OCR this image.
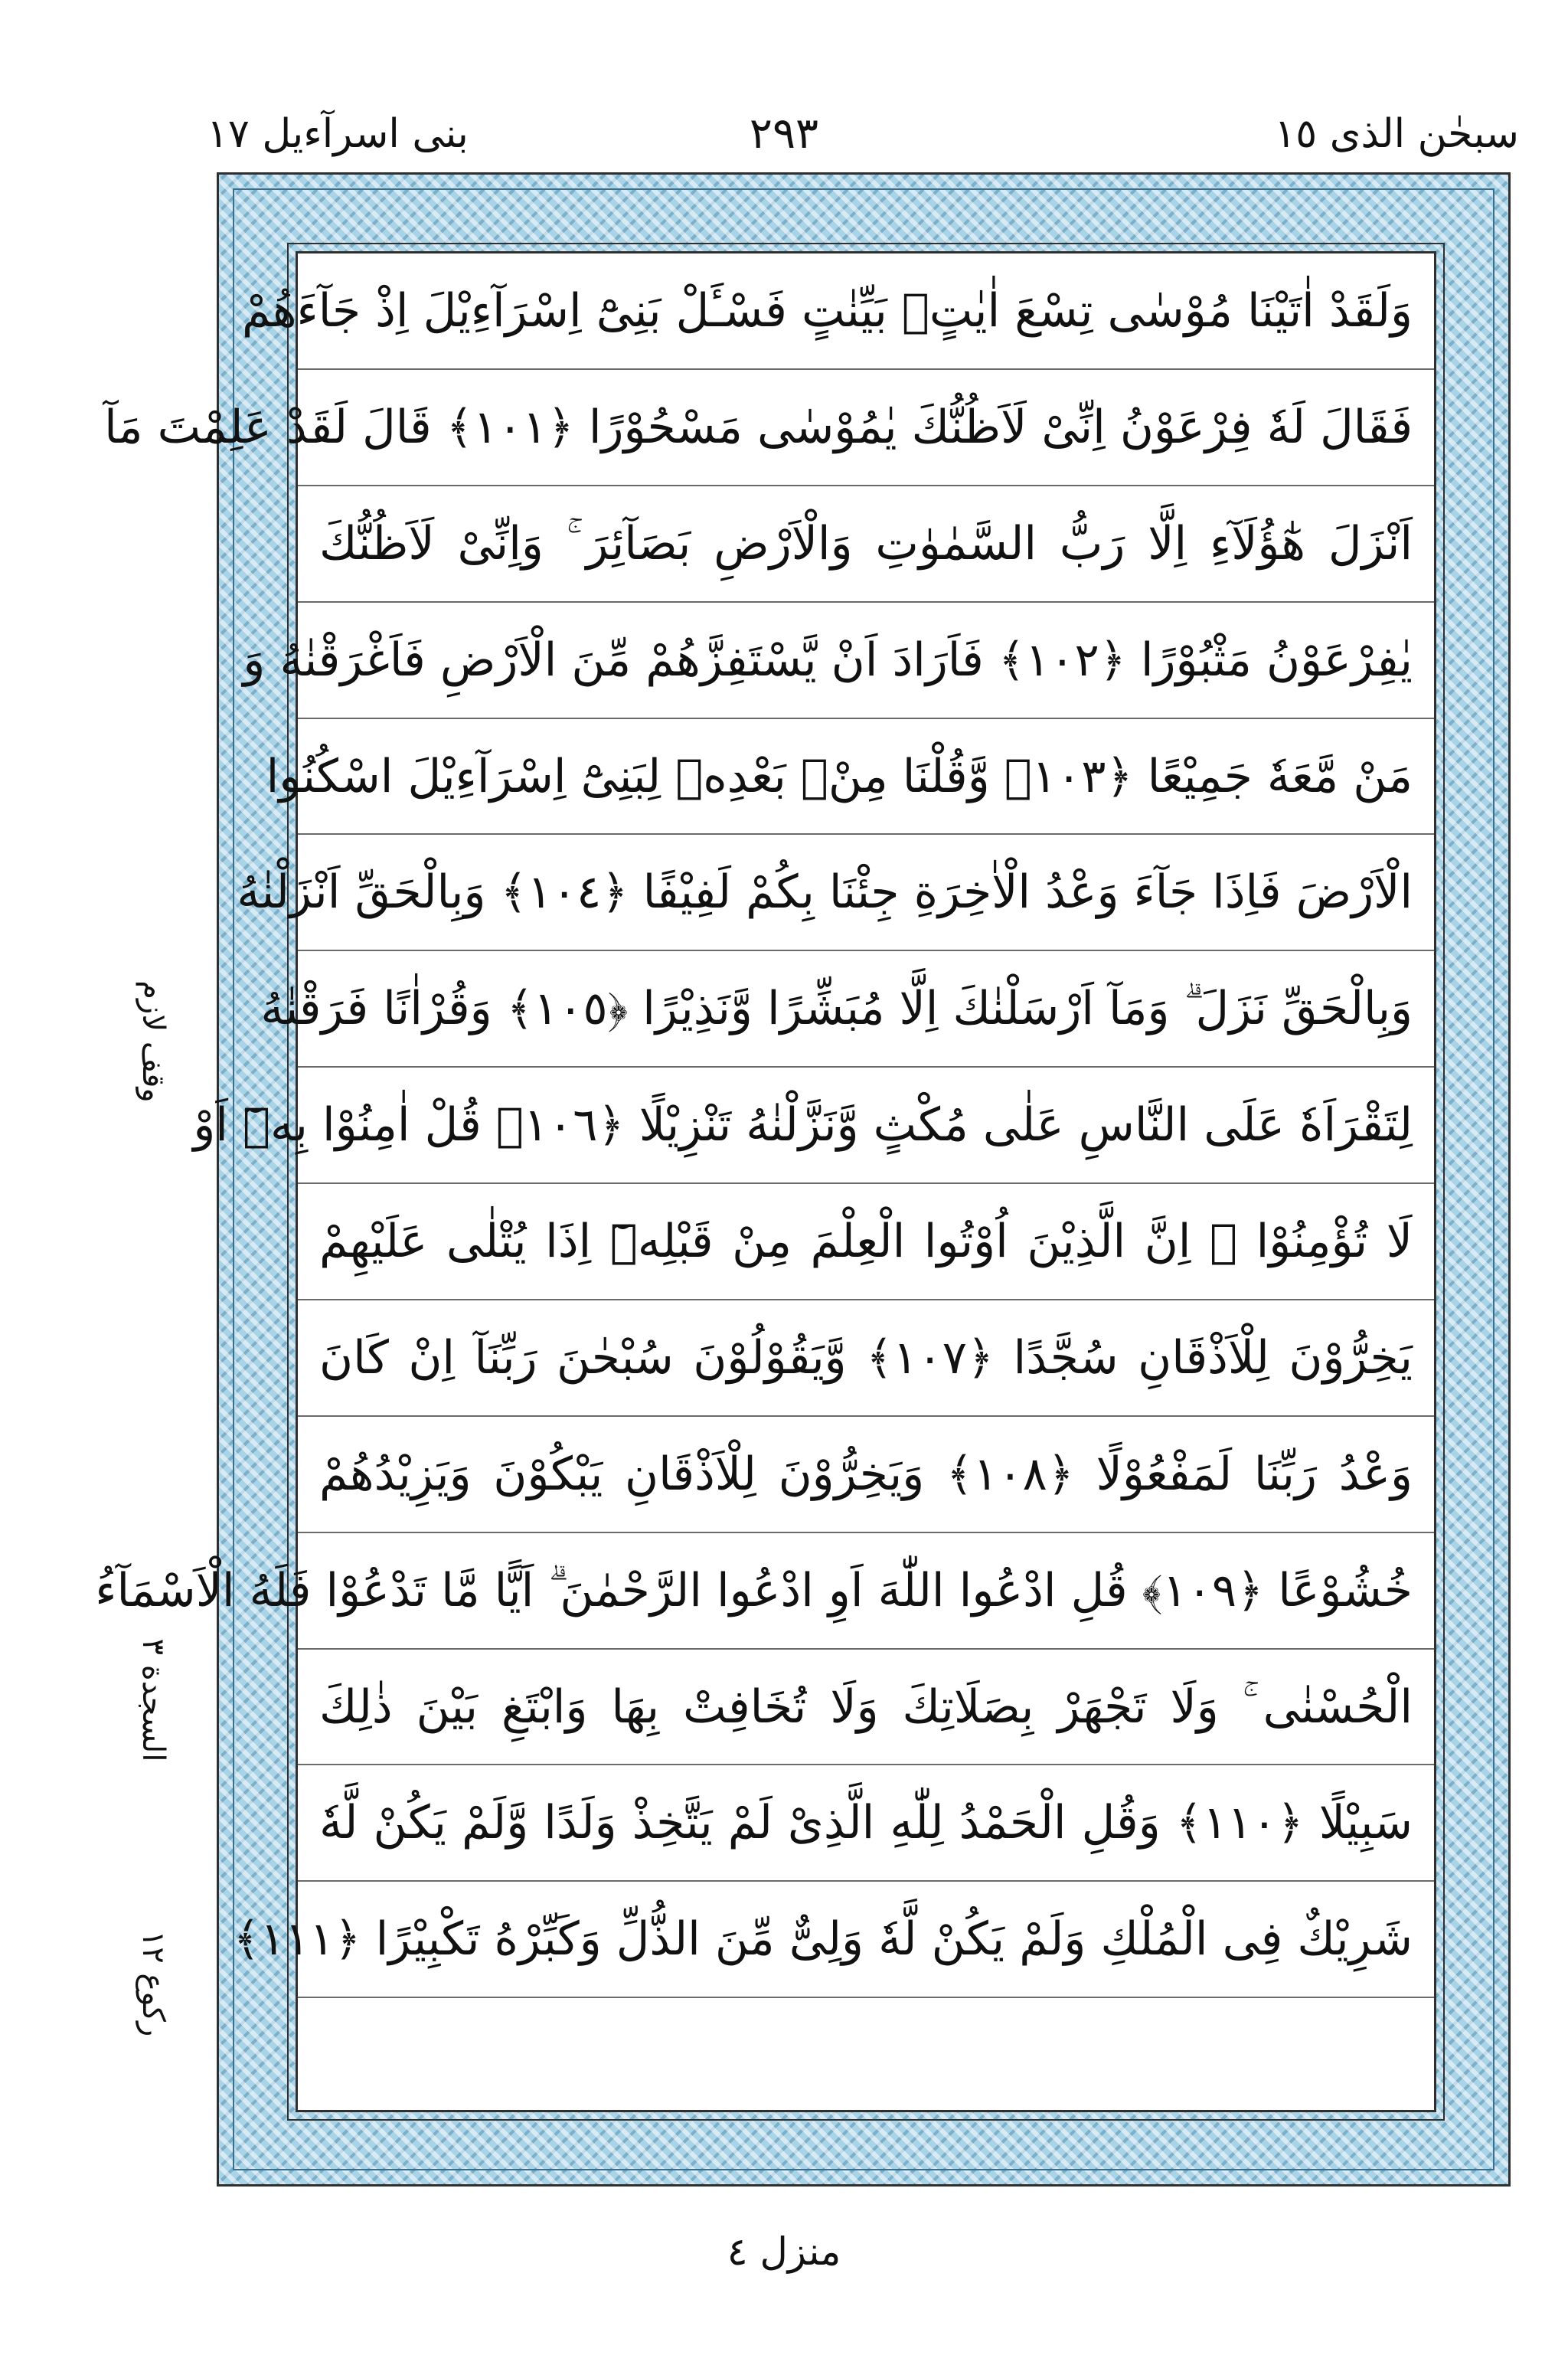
سبحٰن الذی ١٥
٢٩٣
بنی اسرآءیل ١٧
وقف لازم
السجدة ٣
ركوع ١٢
وَلَقَدْ اٰتَيْنَا مُوْسٰى تِسْعَ اٰيٰتٍۢ بَيِّنٰتٍ فَسْـَٔلْ بَنِىْٓ اِسْرَآءِيْلَ اِذْ جَآءَهُمْ
فَقَالَ لَهٗ فِرْعَوْنُ اِنِّىْ لَاَظُنُّكَ يٰمُوْسٰى مَسْحُوْرًا ﴿١٠١﴾ قَالَ لَقَدْ عَلِمْتَ مَآ
اَنْزَلَ هٰٓؤُلَآءِ اِلَّا رَبُّ السَّمٰوٰتِ وَالْاَرْضِ بَصَآئِرَ ۚ وَاِنِّىْ لَاَظُنُّكَ
يٰفِرْعَوْنُ مَثْبُوْرًا ﴿١٠٢﴾ فَاَرَادَ اَنْ يَّسْتَفِزَّهُمْ مِّنَ الْاَرْضِ فَاَغْرَقْنٰهُ وَ
مَنْ مَّعَهٗ جَمِيْعًا ﴿١٠٣﴾ وَّقُلْنَا مِنْۢ بَعْدِهٖ لِبَنِىْٓ اِسْرَآءِيْلَ اسْكُنُوا
الْاَرْضَ فَاِذَا جَآءَ وَعْدُ الْاٰخِرَةِ جِئْنَا بِكُمْ لَفِيْفًا ﴿١٠٤﴾ وَبِالْحَقِّ اَنْزَلْنٰهُ
وَبِالْحَقِّ نَزَلَ ۗ وَمَآ اَرْسَلْنٰكَ اِلَّا مُبَشِّرًا وَّنَذِيْرًا ﴿١٠٥﴾ وَقُرْاٰنًا فَرَقْنٰهُ
لِتَقْرَاَهٗ عَلَى النَّاسِ عَلٰى مُكْثٍ وَّنَزَّلْنٰهُ تَنْزِيْلًا ﴿١٠٦﴾ قُلْ اٰمِنُوْا بِهٖٓ اَوْ
لَا تُؤْمِنُوْا ۚ اِنَّ الَّذِيْنَ اُوْتُوا الْعِلْمَ مِنْ قَبْلِهٖٓ اِذَا يُتْلٰى عَلَيْهِمْ
يَخِرُّوْنَ لِلْاَذْقَانِ سُجَّدًا ﴿١٠٧﴾ وَّيَقُوْلُوْنَ سُبْحٰنَ رَبِّنَآ اِنْ كَانَ
وَعْدُ رَبِّنَا لَمَفْعُوْلًا ﴿١٠٨﴾ وَيَخِرُّوْنَ لِلْاَذْقَانِ يَبْكُوْنَ وَيَزِيْدُهُمْ
خُشُوْعًا ﴿١٠٩﴾ قُلِ ادْعُوا اللّٰهَ اَوِ ادْعُوا الرَّحْمٰنَ ۗ اَيًّا مَّا تَدْعُوْا فَلَهُ الْاَسْمَآءُ
الْحُسْنٰى ۚ وَلَا تَجْهَرْ بِصَلَاتِكَ وَلَا تُخَافِتْ بِهَا وَابْتَغِ بَيْنَ ذٰلِكَ
سَبِيْلًا ﴿١١٠﴾ وَقُلِ الْحَمْدُ لِلّٰهِ الَّذِىْ لَمْ يَتَّخِذْ وَلَدًا وَّلَمْ يَكُنْ لَّهٗ
شَرِيْكٌ فِى الْمُلْكِ وَلَمْ يَكُنْ لَّهٗ وَلِىٌّ مِّنَ الذُّلِّ وَكَبِّرْهُ تَكْبِيْرًا ﴿١١١﴾
منزل ٤
